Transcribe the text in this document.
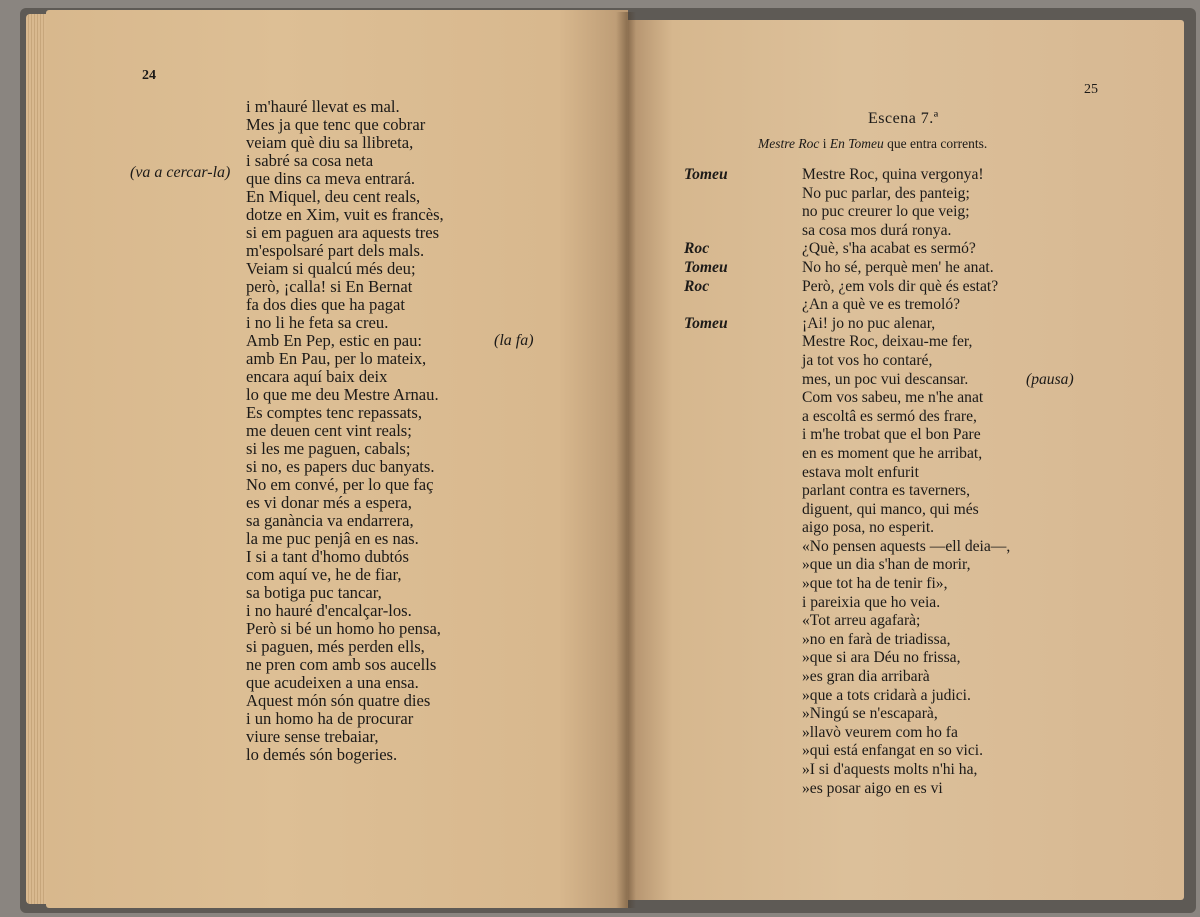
24
(va a cercar-la)
(la fa)
i m'hauré llevat es mal.
Mes ja que tenc que cobrar
veiam què diu sa llibreta,
i sabré sa cosa neta
que dins ca meva entrará.
En Miquel, deu cent reals,
dotze en Xim, vuit es francès,
si em paguen ara aquests tres
m'espolsaré part dels mals.
Veiam si qualcú més deu;
però, ¡calla! si En Bernat
fa dos dies que ha pagat
i no li he feta sa creu.
Amb En Pep, estic en pau:
amb En Pau, per lo mateix,
encara aquí baix deix
lo que me deu Mestre Arnau.
Es comptes tenc repassats,
me deuen cent vint reals;
si les me paguen, cabals;
si no, es papers duc banyats.
No em convé, per lo que faç
es vi donar més a espera,
sa ganància va endarrera,
la me puc penjâ en es nas.
I si a tant d'homo dubtós
com aquí ve, he de fiar,
sa botiga puc tancar,
i no hauré d'encalçar-los.
Però si bé un homo ho pensa,
si paguen, més perden ells,
ne pren com amb sos aucells
que acudeixen a una ensa.
Aquest món són quatre dies
i un homo ha de procurar
viure sense trebaiar,
lo demés són bogeries.
25
Escena 7.ª
Mestre Roc i En Tomeu que entra corrents.
Tomeu	Mestre Roc, quina vergonya!
No puc parlar, des panteig;
no puc creurer lo que veig;
sa cosa mos durá ronya.
Roc	¿Què, s'ha acabat es sermó?
Tomeu	No ho sé, perquè men' he anat.
Roc	Però, ¿em vols dir què és estat?
¿An a què ve es tremoló?
Tomeu	¡Ai! jo no puc alenar,
Mestre Roc, deixau-me fer,
ja tot vos ho contaré,
mes, un poc vui descansar.	(pausa)
Com vos sabeu, me n'he anat
a escoltâ es sermó des frare,
i m'he trobat que el bon Pare
en es moment que he arribat,
estava molt enfurit
parlant contra es taverners,
diguent, qui manco, qui més
aigo posa, no esperit.
«No pensen aquests —ell deia—,
»que un dia s'han de morir,
»que tot ha de tenir fi»,
i pareixia que ho veia.
«Tot arreu agafarà;
»no en farà de triadissa,
»que si ara Déu no frissa,
»es gran dia arribarà
»que a tots cridarà a judici.
»Ningú se n'escaparà,
»llavò veurem com ho fa
»qui está enfangat en so vici.
»I si d'aquests molts n'hi ha,
»es posar aigo en es vi
